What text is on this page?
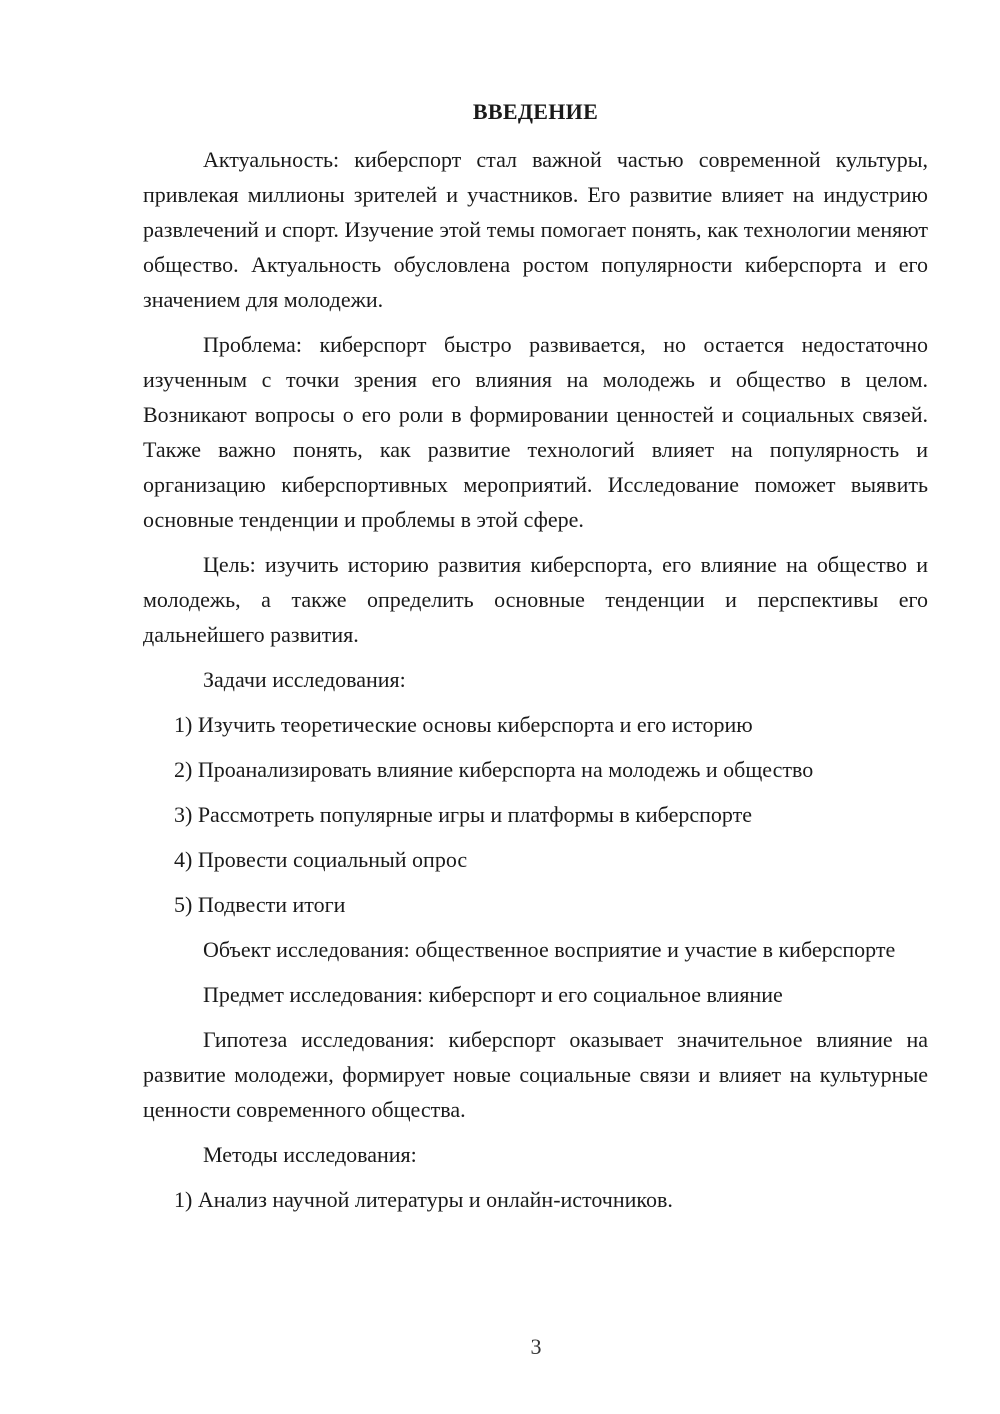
ВВЕДЕНИЕ

Актуальность: киберспорт стал важной частью современной культуры, привлекая миллионы зрителей и участников. Его развитие влияет на индустрию развлечений и спорт. Изучение этой темы помогает понять, как технологии меняют общество. Актуальность обусловлена ростом популярности киберспорта и его значением для молодежи.

Проблема: киберспорт быстро развивается, но остается недостаточно изученным с точки зрения его влияния на молодежь и общество в целом. Возникают вопросы о его роли в формировании ценностей и социальных связей. Также важно понять, как развитие технологий влияет на популярность и организацию киберспортивных мероприятий. Исследование поможет выявить основные тенденции и проблемы в этой сфере.

Цель: изучить историю развития киберспорта, его влияние на общество и молодежь, а также определить основные тенденции и перспективы его дальнейшего развития.

Задачи исследования:

1) Изучить теоретические основы киберспорта и его историю
2) Проанализировать влияние киберспорта на молодежь и общество
3) Рассмотреть популярные игры и платформы в киберспорте
4) Провести социальный опрос
5) Подвести итоги

Объект исследования: общественное восприятие и участие в киберспорте

Предмет исследования: киберспорт и его социальное влияние

Гипотеза исследования: киберспорт оказывает значительное влияние на развитие молодежи, формирует новые социальные связи и влияет на культурные ценности современного общества.

Методы исследования:

1) Анализ научной литературы и онлайн-источников.
3
